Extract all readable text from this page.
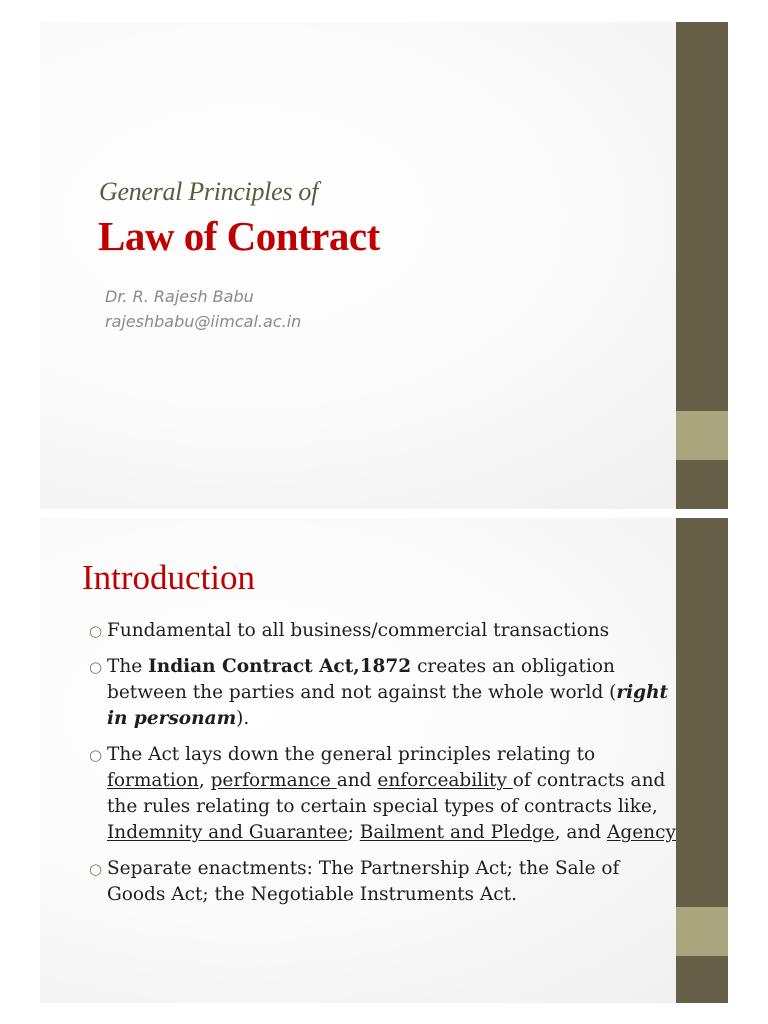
General Principles of
Law of Contract
Dr. R. Rajesh Babu
rajeshbabu@iimcal.ac.in
Introduction
○ Fundamental to all business/commercial transactions
○ The Indian Contract Act,1872 creates an obligation between the parties and not against the whole world (right in personam).
○ The Act lays down the general principles relating to formation, performance and enforceability of contracts and the rules relating to certain special types of contracts like, Indemnity and Guarantee; Bailment and Pledge, and Agency
○ Separate enactments: The Partnership Act; the Sale of Goods Act; the Negotiable Instruments Act.
